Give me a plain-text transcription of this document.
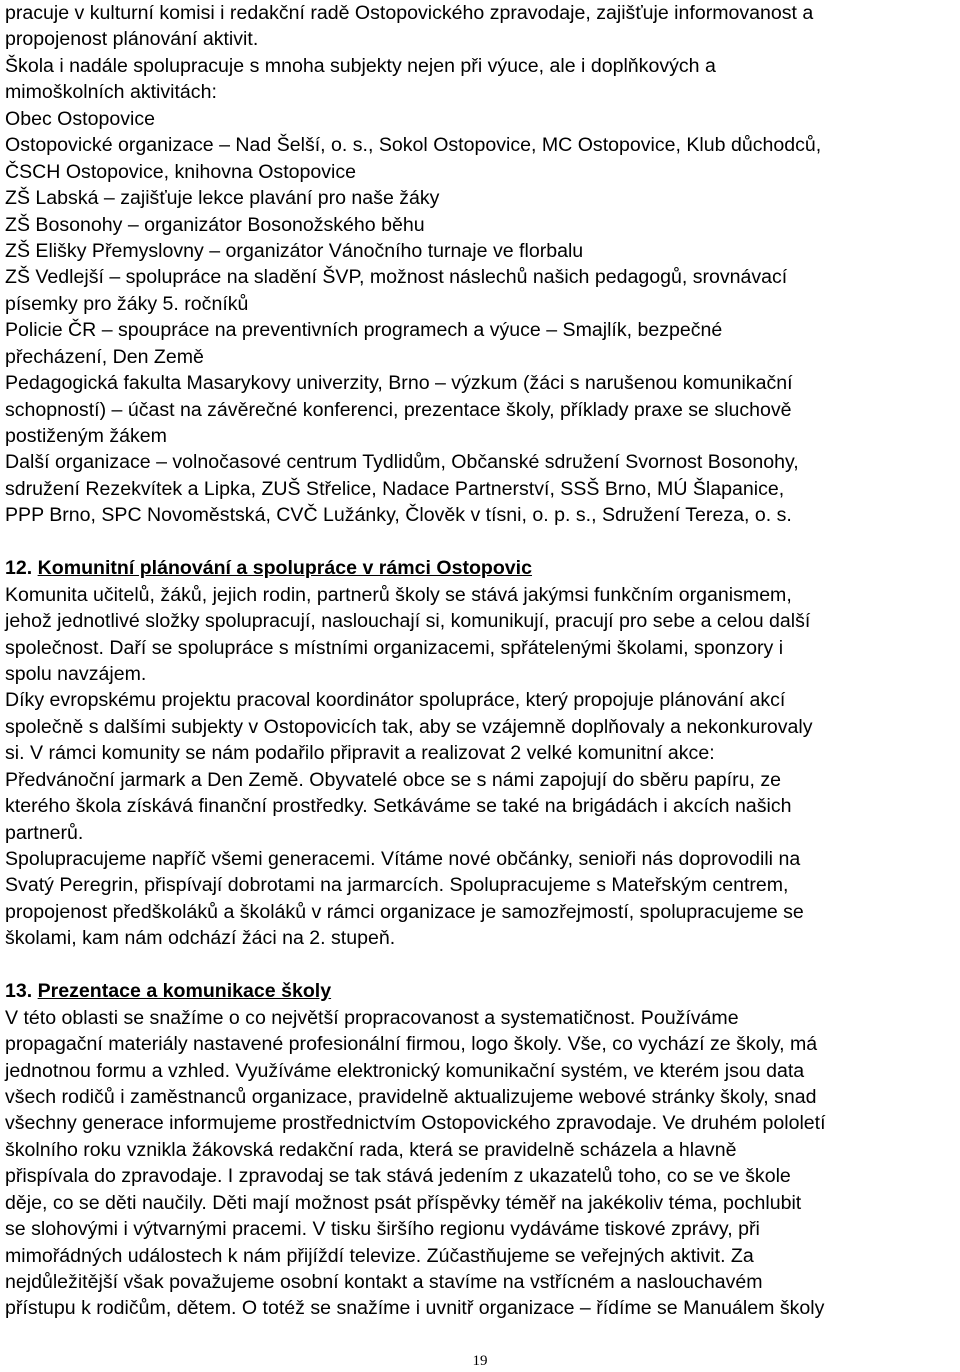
pracuje v kulturní komisi i redakční radě Ostopovického zpravodaje, zajišťuje informovanost a
propojenost plánování aktivit.
Škola i nadále spolupracuje s mnoha subjekty nejen při výuce, ale i doplňkových a
mimoškolních aktivitách:
Obec Ostopovice
Ostopovické organizace – Nad Šelší, o. s., Sokol Ostopovice, MC Ostopovice, Klub důchodců,
ČSCH Ostopovice, knihovna Ostopovice
ZŠ Labská – zajišťuje lekce plavání pro naše žáky
ZŠ Bosonohy – organizátor Bosonožského běhu
ZŠ Elišky Přemyslovny – organizátor Vánočního turnaje ve florbalu
ZŠ Vedlejší – spolupráce na sladění ŠVP, možnost náslechů našich pedagogů, srovnávací
písemky pro žáky 5. ročníků
Policie ČR – spoupráce na preventivních programech a výuce – Smajlík, bezpečné
přecházení, Den Země
Pedagogická fakulta Masarykovy univerzity, Brno – výzkum (žáci s narušenou komunikační
schopností) – účast na závěrečné konferenci, prezentace školy, příklady praxe se sluchově
postiženým žákem
Další organizace – volnočasové centrum Tydlidům, Občanské sdružení Svornost Bosonohy,
sdružení Rezekvítek a Lipka, ZUŠ Střelice, Nadace Partnerství, SSŠ Brno, MÚ Šlapanice,
PPP Brno, SPC Novoměstská, CVČ Lužánky, Člověk v tísni, o. p. s., Sdružení Tereza, o. s.
12. Komunitní plánování a spolupráce v rámci Ostopovic
Komunita učitelů, žáků, jejich rodin, partnerů školy se stává jakýmsi funkčním organismem,
jehož jednotlivé složky spolupracují, naslouchají si, komunikují, pracují pro sebe a celou další
společnost. Daří se spolupráce s místními organizacemi, spřátelenými školami, sponzory i
spolu navzájem.
Díky evropskému projektu pracoval koordinátor spolupráce, který propojuje plánování akcí
společně s dalšími subjekty v Ostopovicích tak, aby se vzájemně doplňovaly a nekonkurovaly
si. V rámci komunity se nám podařilo připravit a realizovat 2 velké komunitní akce:
Předvánoční jarmark a Den Země. Obyvatelé obce se s námi zapojují do sběru papíru, ze
kterého škola získává finanční prostředky. Setkáváme se také na brigádách i akcích našich
partnerů.
Spolupracujeme napříč všemi generacemi. Vítáme nové občánky, senioři nás doprovodili na
Svatý Peregrin, přispívají dobrotami na jarmarcích. Spolupracujeme s Mateřským centrem,
propojenost předškoláků a školáků v rámci organizace je samozřejmostí, spolupracujeme se
školami, kam nám odchází žáci na 2. stupeň.
13. Prezentace a komunikace školy
V této oblasti se snažíme o co největší propracovanost a systematičnost. Používáme
propagační materiály nastavené profesionální firmou, logo školy. Vše, co vychází ze školy, má
jednotnou formu a vzhled. Využíváme elektronický komunikační systém, ve kterém jsou data
všech rodičů i zaměstnanců organizace, pravidelně aktualizujeme webové stránky školy, snad
všechny generace informujeme prostřednictvím Ostopovického zpravodaje. Ve druhém pololetí
školního roku vznikla žákovská redakční rada, která se pravidelně scházela a hlavně
přispívala do zpravodaje. I zpravodaj se tak stává jedením z ukazatelů toho, co se ve škole
děje, co se děti naučily. Děti mají možnost psát příspěvky téměř na jakékoliv téma, pochlubit
se slohovými i výtvarnými pracemi. V tisku širšího regionu vydáváme tiskové zprávy, při
mimořádných událostech k nám přijíždí televize. Zúčastňujeme se veřejných aktivit. Za
nejdůležitější však považujeme osobní kontakt a stavíme na vstřícném a naslouchavém
přístupu k rodičům, dětem. O totéž se snažíme i uvnitř organizace – řídíme se Manuálem školy
19
